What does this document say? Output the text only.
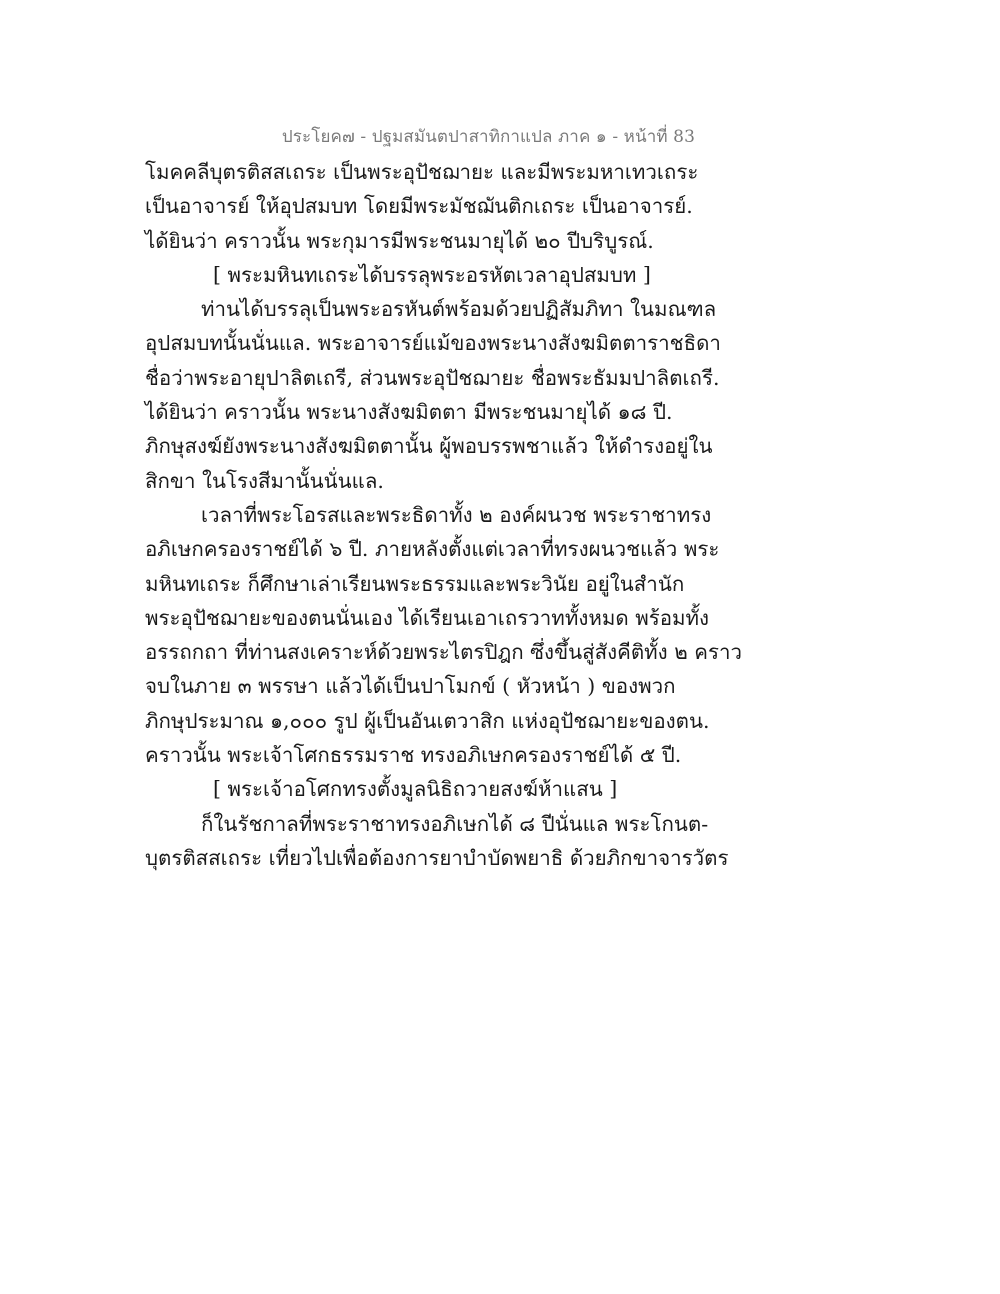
ประโยค๗ - ปฐมสมันตปาสาทิกาแปล ภาค ๑ - หน้าที่ 83
โมคคลีบุตรติสสเถระ เป็นพระอุปัชฌายะ และมีพระมหาเทวเถระ
เป็นอาจารย์ ให้อุปสมบท โดยมีพระมัชฌันติกเถระ เป็นอาจารย์.
ได้ยินว่า คราวนั้น พระกุมารมีพระชนมายุได้ ๒๐ ปีบริบูรณ์.
[ พระมหินทเถระได้บรรลุพระอรหัตเวลาอุปสมบท ]
ท่านได้บรรลุเป็นพระอรหันต์พร้อมด้วยปฏิสัมภิทา ในมณฑล
อุปสมบทนั้นนั่นแล. พระอาจารย์แม้ของพระนางสังฆมิตตาราชธิดา
ชื่อว่าพระอายุปาลิตเถรี, ส่วนพระอุปัชฌายะ ชื่อพระธัมมปาลิตเถรี.
ได้ยินว่า คราวนั้น พระนางสังฆมิตตา มีพระชนมายุได้ ๑๘ ปี.
ภิกษุสงฆ์ยังพระนางสังฆมิตตานั้น ผู้พอบรรพชาแล้ว ให้ดำรงอยู่ใน
สิกขา ในโรงสีมานั้นนั่นแล.
เวลาที่พระโอรสและพระธิดาทั้ง ๒ องค์ผนวช พระราชาทรง
อภิเษกครองราชย์ได้ ๖ ปี. ภายหลังตั้งแต่เวลาที่ทรงผนวชแล้ว พระ
มหินทเถระ ก็ศึกษาเล่าเรียนพระธรรมและพระวินัย อยู่ในสำนัก
พระอุปัชฌายะของตนนั่นเอง ได้เรียนเอาเถรวาททั้งหมด พร้อมทั้ง
อรรถกถา ที่ท่านสงเคราะห์ด้วยพระไตรปิฎก ซึ่งขึ้นสู่สังคีติทั้ง ๒ คราว
จบในภาย ๓ พรรษา แล้วได้เป็นปาโมกข์ ( หัวหน้า ) ของพวก
ภิกษุประมาณ ๑,๐๐๐ รูป ผู้เป็นอันเตวาสิก แห่งอุปัชฌายะของตน.
คราวนั้น พระเจ้าโศกธรรมราช ทรงอภิเษกครองราชย์ได้ ๕ ปี.
[ พระเจ้าอโศกทรงตั้งมูลนิธิถวายสงฆ์ห้าแสน ]
ก็ในรัชกาลที่พระราชาทรงอภิเษกได้ ๘ ปีนั่นแล พระโกนต-
บุตรติสสเถระ เที่ยวไปเพื่อต้องการยาบำบัดพยาธิ ด้วยภิกขาจารวัตร
